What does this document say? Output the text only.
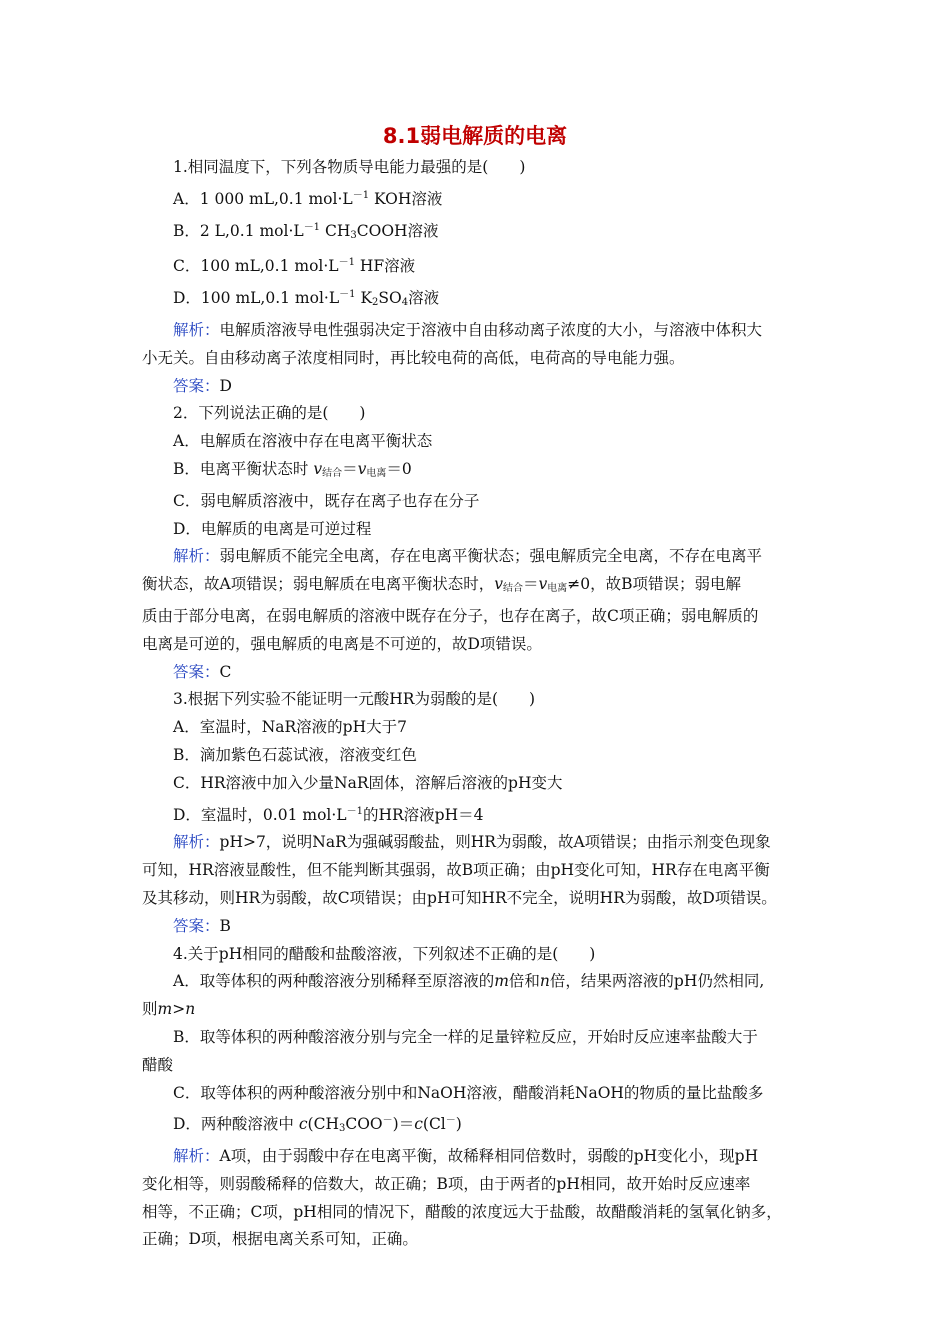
8.1弱电解质的电离

1.相同温度下，下列各物质导电能力最强的是(　　)

A．1 000 mL,0.1 $mol\cdot L^{-1}$ KOH溶液

B．2 L,0.1 $mol\cdot L^{-1}$ $CH_3COOH$溶液

C．100 mL,0.1 $mol\cdot L^{-1}$ HF溶液

D．100 mL,0.1 $mol\cdot L^{-1}$ $K_2SO_4$溶液

解析：电解质溶液导电性强弱决定于溶液中自由移动离子浓度的大小，与溶液中体积大

小无关。自由移动离子浓度相同时，再比较电荷的高低，电荷高的导电能力强。

答案：D

2．下列说法正确的是(　　)

A．电解质在溶液中存在电离平衡状态

B．电离平衡状态时 $v_{结合}=v_{电离}=0$

C．弱电解质溶液中，既存在离子也存在分子

D．电解质的电离是可逆过程

解析：弱电解质不能完全电离，存在电离平衡状态；强电解质完全电离，不存在电离平

衡状态，故A项错误；弱电解质在电离平衡状态时，$v_{结合}=v_{电离}\ne 0$，故B项错误；弱电解

质由于部分电离，在弱电解质的溶液中既存在分子，也存在离子，故C项正确；弱电解质的

电离是可逆的，强电解质的电离是不可逆的，故D项错误。

答案：C

3.根据下列实验不能证明一元酸HR为弱酸的是(　　)

A．室温时，NaR溶液的pH大于7

B．滴加紫色石蕊试液，溶液变红色

C．HR溶液中加入少量NaR固体，溶解后溶液的pH变大

D．室温时，0.01 $mol\cdot L^{-1}$的HR溶液pH＝4

解析：pH>7，说明NaR为强碱弱酸盐，则HR为弱酸，故A项错误；由指示剂变色现象

可知，HR溶液显酸性，但不能判断其强弱，故B项正确；由pH变化可知，HR存在电离平衡

及其移动，则HR为弱酸，故C项错误；由pH可知HR不完全，说明HR为弱酸，故D项错误。

答案：B

4.关于pH相同的醋酸和盐酸溶液，下列叙述不正确的是(　　)

A．取等体积的两种酸溶液分别稀释至原溶液的m倍和n倍，结果两溶液的pH仍然相同,

则m>n

B．取等体积的两种酸溶液分别与完全一样的足量锌粒反应，开始时反应速率盐酸大于

醋酸

C．取等体积的两种酸溶液分别中和NaOH溶液，醋酸消耗NaOH的物质的量比盐酸多

D．两种酸溶液中 $c(CH_3COO^-)=c(Cl^-)$

解析：A项，由于弱酸中存在电离平衡，故稀释相同倍数时，弱酸的pH变化小，现pH

变化相等，则弱酸稀释的倍数大，故正确；B项，由于两者的pH相同，故开始时反应速率

相等，不正确；C项，pH相同的情况下，醋酸的浓度远大于盐酸，故醋酸消耗的氢氧化钠多，

正确；D项，根据电离关系可知，正确。
